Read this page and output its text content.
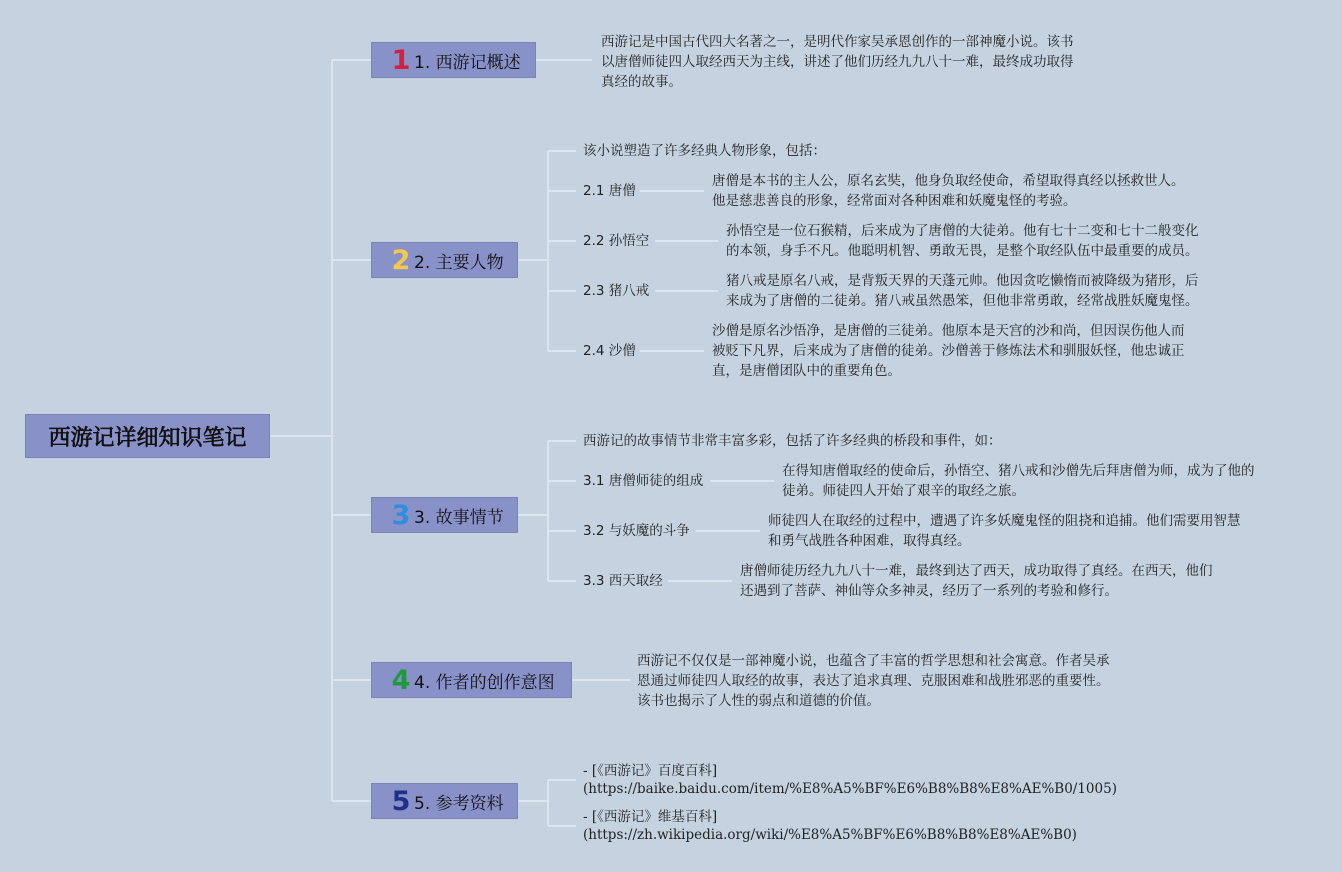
西游记详细知识笔记
1 1. 西游记概述
西游记是中国古代四大名著之一，是明代作家吴承恩创作的一部神魔小说。该书
以唐僧师徒四人取经西天为主线，讲述了他们历经九九八十一难，最终成功取得
真经的故事。
2 2. 主要人物
该小说塑造了许多经典人物形象，包括：
2.1 唐僧
唐僧是本书的主人公，原名玄奘，他身负取经使命，希望取得真经以拯救世人。
他是慈悲善良的形象，经常面对各种困难和妖魔鬼怪的考验。
2.2 孙悟空
孙悟空是一位石猴精，后来成为了唐僧的大徒弟。他有七十二变和七十二般变化
的本领，身手不凡。他聪明机智、勇敢无畏，是整个取经队伍中最重要的成员。
2.3 猪八戒
猪八戒是原名八戒，是背叛天界的天蓬元帅。他因贪吃懒惰而被降级为猪形，后
来成为了唐僧的二徒弟。猪八戒虽然愚笨，但他非常勇敢，经常战胜妖魔鬼怪。
2.4 沙僧
沙僧是原名沙悟净，是唐僧的三徒弟。他原本是天宫的沙和尚，但因误伤他人而
被贬下凡界，后来成为了唐僧的徒弟。沙僧善于修炼法术和驯服妖怪，他忠诚正
直，是唐僧团队中的重要角色。
3 3. 故事情节
西游记的故事情节非常丰富多彩，包括了许多经典的桥段和事件，如：
3.1 唐僧师徒的组成
在得知唐僧取经的使命后，孙悟空、猪八戒和沙僧先后拜唐僧为师，成为了他的
徒弟。师徒四人开始了艰辛的取经之旅。
3.2 与妖魔的斗争
师徒四人在取经的过程中，遭遇了许多妖魔鬼怪的阻挠和追捕。他们需要用智慧
和勇气战胜各种困难，取得真经。
3.3 西天取经
唐僧师徒历经九九八十一难，最终到达了西天，成功取得了真经。在西天，他们
还遇到了菩萨、神仙等众多神灵，经历了一系列的考验和修行。
4 4. 作者的创作意图
西游记不仅仅是一部神魔小说，也蕴含了丰富的哲学思想和社会寓意。作者吴承
恩通过师徒四人取经的故事，表达了追求真理、克服困难和战胜邪恶的重要性。
该书也揭示了人性的弱点和道德的价值。
5 5. 参考资料
- [《西游记》百度百科]
(https://baike.baidu.com/item/%E8%A5%BF%E6%B8%B8%E8%AE%B0/1005)
- [《西游记》维基百科]
(https://zh.wikipedia.org/wiki/%E8%A5%BF%E6%B8%B8%E8%AE%B0)
